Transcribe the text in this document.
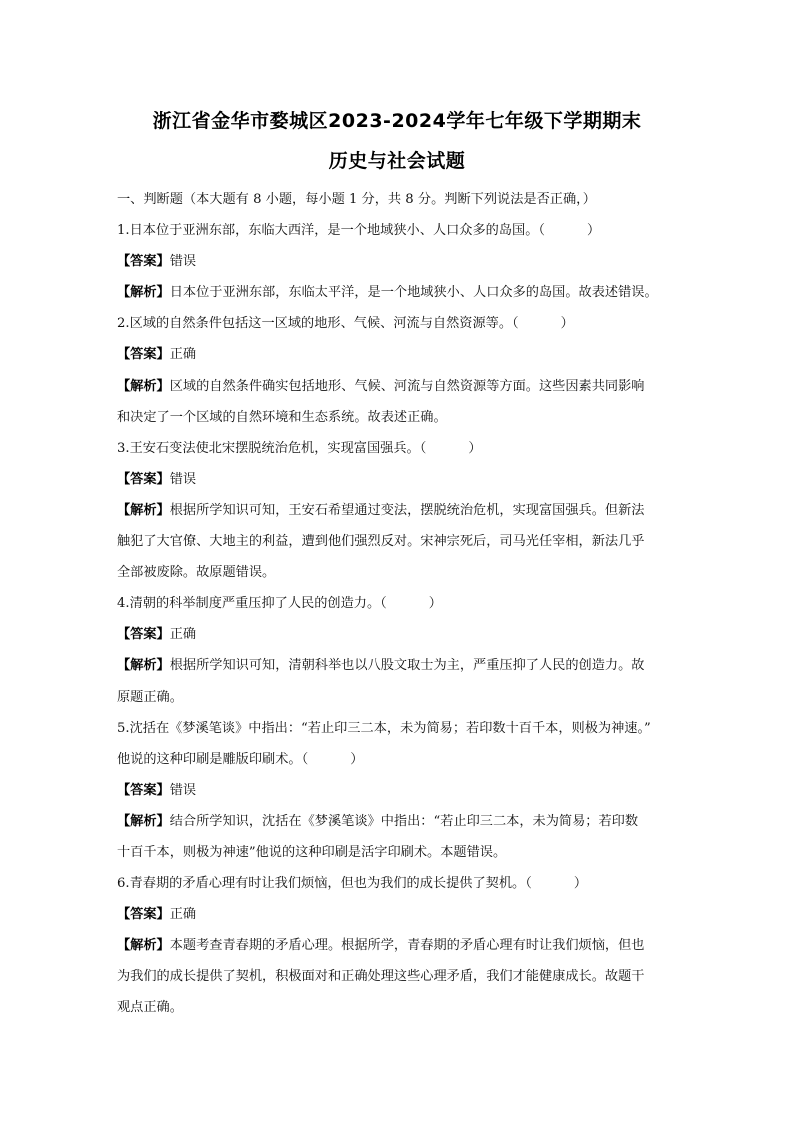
浙江省金华市婺城区2023-2024学年七年级下学期期末
历史与社会试题

一、判断题（本大题有 8 小题，每小题 1 分，共 8 分。判断下列说法是否正确，）

1.日本位于亚洲东部，东临大西洋，是一个地域狭小、人口众多的岛国。（	）

【答案】错误

【解析】日本位于亚洲东部，东临太平洋，是一个地域狭小、人口众多的岛国。故表述错误。

2.区域的自然条件包括这一区域的地形、气候、河流与自然资源等。（	）

【答案】正确

【解析】区域的自然条件确实包括地形、气候、河流与自然资源等方面。这些因素共同影响

和决定了一个区域的自然环境和生态系统。故表述正确。

3.王安石变法使北宋摆脱统治危机，实现富国强兵。（	）

【答案】错误

【解析】根据所学知识可知，王安石希望通过变法，摆脱统治危机，实现富国强兵。但新法

触犯了大官僚、大地主的利益，遭到他们强烈反对。宋神宗死后，司马光任宰相，新法几乎

全部被废除。故原题错误。

4.清朝的科举制度严重压抑了人民的创造力。（	）

【答案】正确

【解析】根据所学知识可知，清朝科举也以八股文取士为主，严重压抑了人民的创造力。故

原题正确。

5.沈括在《梦溪笔谈》中指出：“若止印三二本，未为简易；若印数十百千本，则极为神速。”

他说的这种印刷是雕版印刷术。（	）

【答案】错误

【解析】结合所学知识，沈括在《梦溪笔谈》中指出：“若止印三二本，未为简易；若印数

十百千本，则极为神速”他说的这种印刷是活字印刷术。本题错误。

6.青春期的矛盾心理有时让我们烦恼，但也为我们的成长提供了契机。（	）

【答案】正确

【解析】本题考查青春期的矛盾心理。根据所学，青春期的矛盾心理有时让我们烦恼，但也

为我们的成长提供了契机，积极面对和正确处理这些心理矛盾，我们才能健康成长。故题干

观点正确。
